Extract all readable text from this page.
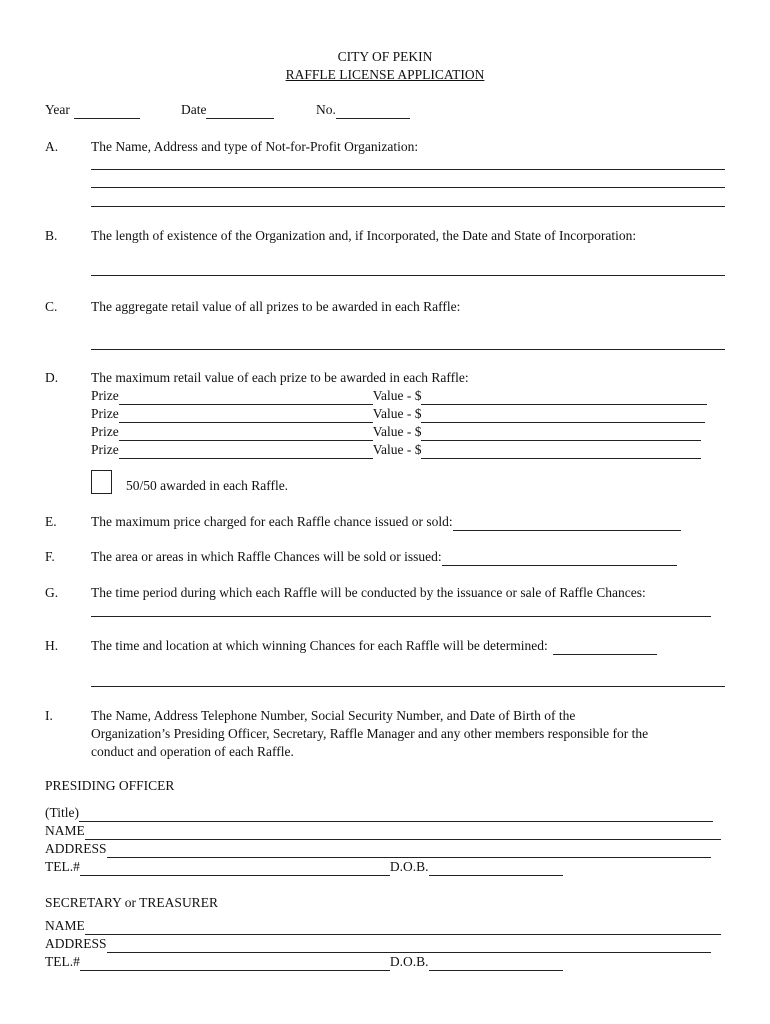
CITY OF PEKIN
RAFFLE LICENSE APPLICATION
Year	Date	No.
A. The Name, Address and type of Not-for-Profit Organization:
B. The length of existence of the Organization and, if Incorporated, the Date and State of Incorporation:
C. The aggregate retail value of all prizes to be awarded in each Raffle:
D. The maximum retail value of each prize to be awarded in each Raffle:
Prize	Value - $
Prize	Value - $
Prize	Value - $
Prize	Value - $
50/50 awarded in each Raffle.
E.	The maximum price charged for each Raffle chance issued or sold:
F.	The area or areas in which Raffle Chances will be sold or issued:
G. The time period during which each Raffle will be conducted by the issuance or sale of Raffle Chances:
H. The time and location at which winning Chances for each Raffle will be determined:
I.	The Name, Address Telephone Number, Social Security Number, and Date of Birth of the
Organization’s Presiding Officer, Secretary, Raffle Manager and any other members responsible for the
conduct and operation of each Raffle.
PRESIDING OFFICER
(Title)
NAME
ADDRESS
TEL.#	D.O.B.
SECRETARY or TREASURER
NAME
ADDRESS
TEL.#	D.O.B.
